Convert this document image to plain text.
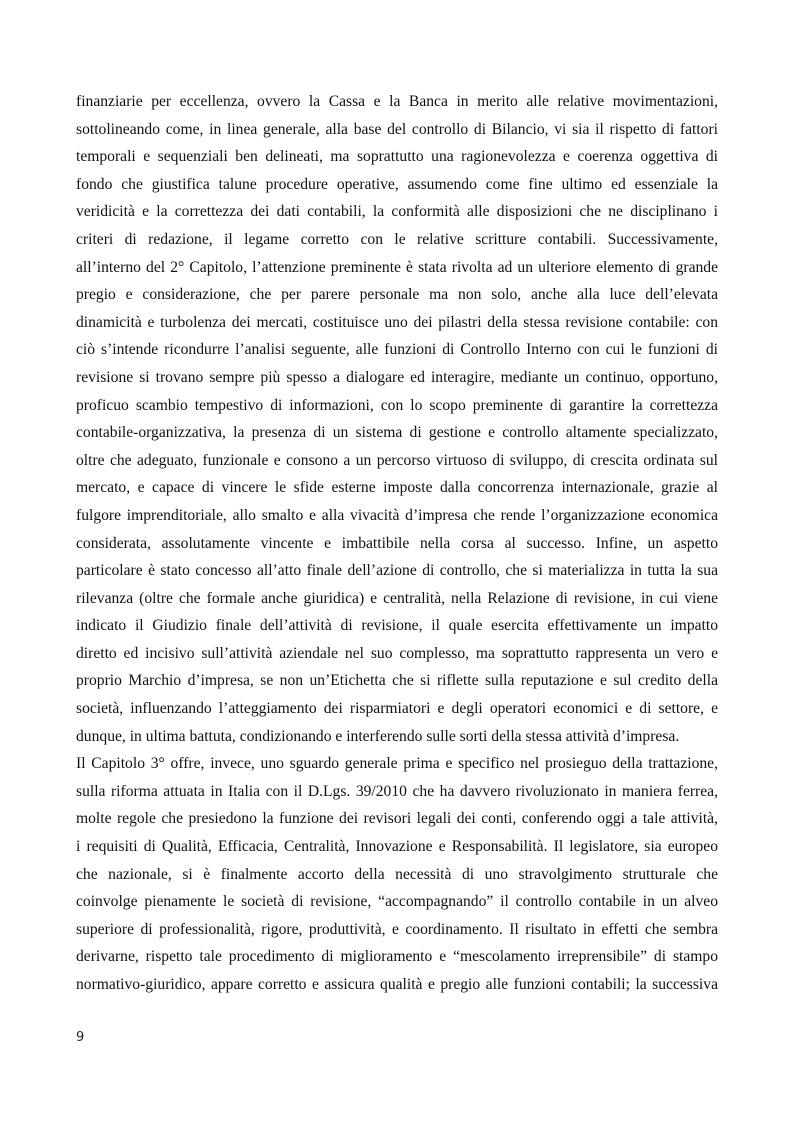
finanziarie per eccellenza, ovvero la Cassa e la Banca in merito alle relative movimentazioni,
sottolineando come, in linea generale, alla base del controllo di Bilancio, vi sia il rispetto di fattori
temporali e sequenziali ben delineati, ma soprattutto una ragionevolezza e coerenza oggettiva di
fondo che giustifica talune procedure operative, assumendo come fine ultimo ed essenziale la
veridicità e la correttezza dei dati contabili, la conformità alle disposizioni che ne disciplinano i
criteri di redazione, il legame corretto con le relative scritture contabili. Successivamente,
all’interno del 2° Capitolo, l’attenzione preminente è stata rivolta ad un ulteriore elemento di grande
pregio e considerazione, che per parere personale ma non solo, anche alla luce dell’elevata
dinamicità e turbolenza dei mercati, costituisce uno dei pilastri della stessa revisione contabile: con
ciò s’intende ricondurre l’analisi seguente, alle funzioni di Controllo Interno con cui le funzioni di
revisione si trovano sempre più spesso a dialogare ed interagire, mediante un continuo, opportuno,
proficuo scambio tempestivo di informazioni, con lo scopo preminente di garantire la correttezza
contabile-organizzativa, la presenza di un sistema di gestione e controllo altamente specializzato,
oltre che adeguato, funzionale e consono a un percorso virtuoso di sviluppo, di crescita ordinata sul
mercato, e capace di vincere le sfide esterne imposte dalla concorrenza internazionale, grazie al
fulgore imprenditoriale, allo smalto e alla vivacità d’impresa che rende l’organizzazione economica
considerata, assolutamente vincente e imbattibile nella corsa al successo. Infine, un aspetto
particolare è stato concesso all’atto finale dell’azione di controllo, che si materializza in tutta la sua
rilevanza (oltre che formale anche giuridica) e centralità, nella Relazione di revisione, in cui viene
indicato il Giudizio finale dell’attività di revisione, il quale esercita effettivamente un impatto
diretto ed incisivo sull’attività aziendale nel suo complesso, ma soprattutto rappresenta un vero e
proprio Marchio d’impresa, se non un’Etichetta che si riflette sulla reputazione e sul credito della
società, influenzando l’atteggiamento dei risparmiatori e degli operatori economici e di settore, e
dunque, in ultima battuta, condizionando e interferendo sulle sorti della stessa attività d’impresa.
Il Capitolo 3° offre, invece, uno sguardo generale prima e specifico nel prosieguo della trattazione,
sulla riforma attuata in Italia con il D.Lgs. 39/2010 che ha davvero rivoluzionato in maniera ferrea,
molte regole che presiedono la funzione dei revisori legali dei conti, conferendo oggi a tale attività,
i requisiti di Qualità, Efficacia, Centralità, Innovazione e Responsabilità. Il legislatore, sia europeo
che nazionale, si è finalmente accorto della necessità di uno stravolgimento strutturale che
coinvolge pienamente le società di revisione, “accompagnando” il controllo contabile in un alveo
superiore di professionalità, rigore, produttività, e coordinamento. Il risultato in effetti che sembra
derivarne, rispetto tale procedimento di miglioramento e “mescolamento irreprensibile” di stampo
normativo-giuridico, appare corretto e assicura qualità e pregio alle funzioni contabili; la successiva
9
